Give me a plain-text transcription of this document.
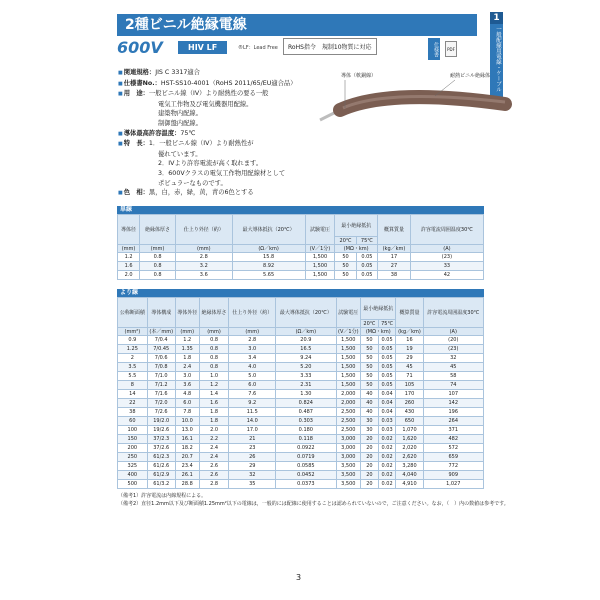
2種ビニル絶縁電線
600V	HIV LF	®LF：Lead Free	RoHS指令　規制10物質に対応	仕様書	PDF
1
一般配線用電線・ケーブル
■ 関連規格： JIS C 3317適合
■ 仕様書No.： HST-SS10-4001（RoHS 2011/65/EU適合品）
■ 用　途： 一般ビニル線（IV）より耐熱性の要る一般
電気工作物及び電気機器用配線。
建築物内配線。
制御盤内配線。
■ 導体最高許容温度： 75℃
■ 特　長： 1．一般ビニル線（IV）より耐熱性が
優れています。
2．IVより許容電流が高く取れます。
3．600Vクラスの電気工作物用配線材として
ポピュラーなものです。
■ 色　相： 黒，白，赤，緑，黄，青の6色とする
導体（軟銅線）	耐熱ビニル絶縁体
単線
導体径	絶縁体厚さ	仕上り外径（約）	最大導体抵抗（20℃）	試験電圧	最小絶縁抵抗		概算質量	許容電流周囲温度30℃
					20℃	75℃		
(mm)	(mm)	(mm)	(Ω／km)	(V／1分)	(MΩ・km)		(kg／km)	(A)
1.2	0.8	2.8	15.8	1,500	50	0.05	17	(23)
1.6	0.8	3.2	8.92	1,500	50	0.05	27	33
2.0	0.8	3.6	5.65	1,500	50	0.05	38	42
より線
公称断面積	導体構成	導体外径	絶縁体厚さ	仕上り外径（約）	最大導体抵抗（20℃）	試験電圧	最小絶縁抵抗		概算質量	許容電流周囲温度30℃
							20℃	75℃		
(mm²)	(本／mm)	(mm)	(mm)	(mm)	(Ω／km)	(V／1分)	(MΩ・km)		(kg／km)	(A)
0.9	7/0.4	1.2	0.8	2.8	20.9	1,500	50	0.05	16	(20)
1.25	7/0.45	1.35	0.8	3.0	16.5	1,500	50	0.05	19	(23)
2	7/0.6	1.8	0.8	3.4	9.24	1,500	50	0.05	29	32
3.5	7/0.8	2.4	0.8	4.0	5.20	1,500	50	0.05	45	45
5.5	7/1.0	3.0	1.0	5.0	3.33	1,500	50	0.05	71	58
8	7/1.2	3.6	1.2	6.0	2.31	1,500	50	0.05	105	74
14	7/1.6	4.8	1.4	7.6	1.30	2,000	40	0.04	170	107
22	7/2.0	6.0	1.6	9.2	0.824	2,000	40	0.04	260	142
38	7/2.6	7.8	1.8	11.5	0.487	2,500	40	0.04	430	196
60	19/2.0	10.0	1.8	14.0	0.303	2,500	30	0.03	650	264
100	19/2.6	13.0	2.0	17.0	0.180	2,500	30	0.03	1,070	371
150	37/2.3	16.1	2.2	21	0.118	3,000	20	0.02	1,620	482
200	37/2.6	18.2	2.4	23	0.0922	3,000	20	0.02	2,020	572
250	61/2.3	20.7	2.4	26	0.0719	3,000	20	0.02	2,620	659
325	61/2.6	23.4	2.6	29	0.0585	3,500	20	0.02	3,280	772
400	61/2.9	26.1	2.6	32	0.0452	3,500	20	0.02	4,040	909
500	61/3.2	28.8	2.8	35	0.0373	3,500	20	0.02	4,910	1,027
（備考1）許容電流は内線規程による。
（備考2）直径1.2mm以下及び断面積1.25mm²以下の電線は，一般的には配線に使用することは認められていないので，ご注意ください。なお，（　）内の数値は参考です。
3
